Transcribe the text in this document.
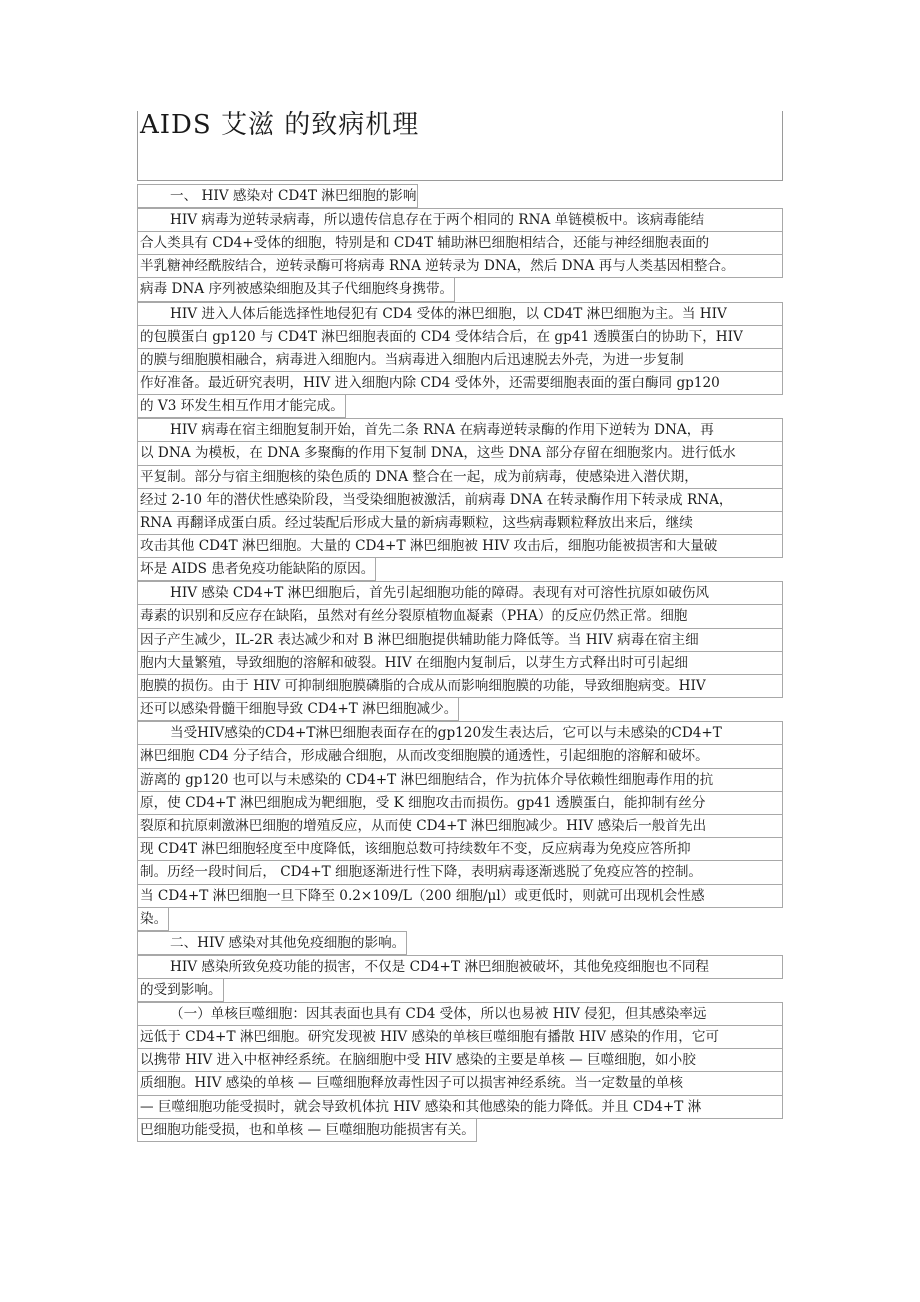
AIDS 艾滋 的致病机理
一、 HIV 感染对 CD4T 淋巴细胞的影响
HIV 病毒为逆转录病毒，所以遗传信息存在于两个相同的 RNA 单链模板中。该病毒能结
合人类具有 CD4+受体的细胞，特别是和 CD4T 辅助淋巴细胞相结合，还能与神经细胞表面的
半乳糖神经酰胺结合，逆转录酶可将病毒 RNA 逆转录为 DNA，然后 DNA 再与人类基因相整合。
病毒 DNA 序列被感染细胞及其子代细胞终身携带。
HIV 进入人体后能选择性地侵犯有 CD4 受体的淋巴细胞，以 CD4T 淋巴细胞为主。当 HIV
的包膜蛋白 gp120 与 CD4T 淋巴细胞表面的 CD4 受体结合后，在 gp41 透膜蛋白的协助下，HIV
的膜与细胞膜相融合，病毒进入细胞内。当病毒进入细胞内后迅速脱去外壳，为进一步复制
作好准备。最近研究表明，HIV 进入细胞内除 CD4 受体外，还需要细胞表面的蛋白酶同 gp120
的 V3 环发生相互作用才能完成。
HIV 病毒在宿主细胞复制开始，首先二条 RNA 在病毒逆转录酶的作用下逆转为 DNA，再
以 DNA 为模板，在 DNA 多聚酶的作用下复制 DNA，这些 DNA 部分存留在细胞浆内。进行低水
平复制。部分与宿主细胞核的染色质的 DNA 整合在一起，成为前病毒，使感染进入潜伏期，
经过 2-10 年的潜伏性感染阶段，当受染细胞被激活，前病毒 DNA 在转录酶作用下转录成 RNA，
RNA 再翻译成蛋白质。经过装配后形成大量的新病毒颗粒，这些病毒颗粒释放出来后，继续
攻击其他 CD4T 淋巴细胞。大量的 CD4+T 淋巴细胞被 HIV 攻击后，细胞功能被损害和大量破
坏是 AIDS 患者免疫功能缺陷的原因。
HIV 感染 CD4+T 淋巴细胞后，首先引起细胞功能的障碍。表现有对可溶性抗原如破伤风
毒素的识别和反应存在缺陷，虽然对有丝分裂原植物血凝素（PHA）的反应仍然正常。细胞
因子产生减少，IL-2R 表达减少和对 B 淋巴细胞提供辅助能力降低等。当 HIV 病毒在宿主细
胞内大量繁殖，导致细胞的溶解和破裂。HIV 在细胞内复制后，以芽生方式释出时可引起细
胞膜的损伤。由于 HIV 可抑制细胞膜磷脂的合成从而影响细胞膜的功能，导致细胞病变。HIV
还可以感染骨髓干细胞导致 CD4+T 淋巴细胞减少。
当受HIV感染的CD4+T淋巴细胞表面存在的gp120发生表达后，它可以与未感染的CD4+T
淋巴细胞 CD4 分子结合，形成融合细胞，从而改变细胞膜的通透性，引起细胞的溶解和破坏。
游离的 gp120 也可以与未感染的 CD4+T 淋巴细胞结合，作为抗体介导依赖性细胞毒作用的抗
原，使 CD4+T 淋巴细胞成为靶细胞，受 K 细胞攻击而损伤。gp41 透膜蛋白，能抑制有丝分
裂原和抗原刺激淋巴细胞的增殖反应，从而使 CD4+T 淋巴细胞减少。HIV 感染后一般首先出
现 CD4T 淋巴细胞轻度至中度降低，该细胞总数可持续数年不变，反应病毒为免疫应答所抑
制。历经一段时间后， CD4+T 细胞逐渐进行性下降，表明病毒逐渐逃脱了免疫应答的控制。
当 CD4+T 淋巴细胞一旦下降至 0.2×109/L（200 细胞/μl）或更低时，则就可出现机会性感
染。
二、HIV 感染对其他免疫细胞的影响。
HIV 感染所致免疫功能的损害，不仅是 CD4+T 淋巴细胞被破坏，其他免疫细胞也不同程
的受到影响。
（一）单核巨噬细胞：因其表面也具有 CD4 受体，所以也易被 HIV 侵犯，但其感染率远
远低于 CD4+T 淋巴细胞。研究发现被 HIV 感染的单核巨噬细胞有播散 HIV 感染的作用，它可
以携带 HIV 进入中枢神经系统。在脑细胞中受 HIV 感染的主要是单核 — 巨噬细胞，如小胶
质细胞。HIV 感染的单核 — 巨噬细胞释放毒性因子可以损害神经系统。当一定数量的单核
— 巨噬细胞功能受损时，就会导致机体抗 HIV 感染和其他感染的能力降低。并且 CD4+T 淋
巴细胞功能受损，也和单核 — 巨噬细胞功能损害有关。
